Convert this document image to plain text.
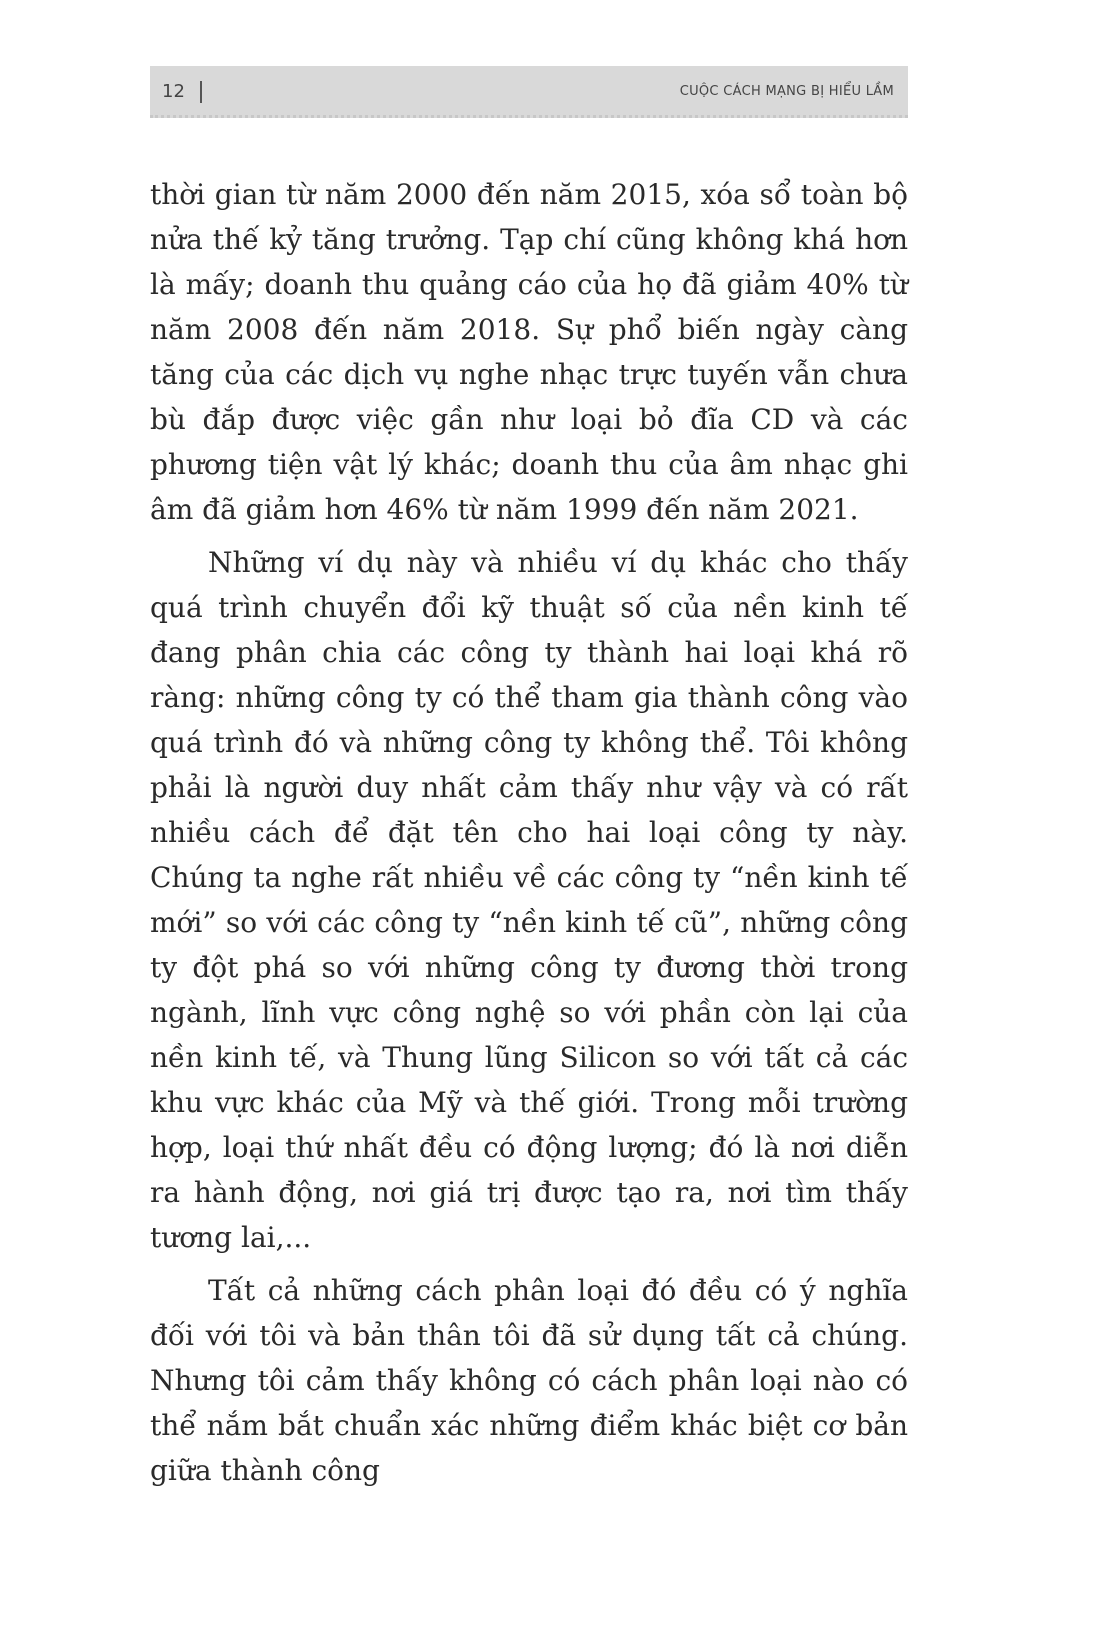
12	CUỘC CÁCH MẠNG BỊ HIỂU LẦM

thời gian từ năm 2000 đến năm 2015, xóa sổ toàn bộ nửa thế kỷ tăng trưởng. Tạp chí cũng không khá hơn là mấy; doanh thu quảng cáo của họ đã giảm 40% từ năm 2008 đến năm 2018. Sự phổ biến ngày càng tăng của các dịch vụ nghe nhạc trực tuyến vẫn chưa bù đắp được việc gần như loại bỏ đĩa CD và các phương tiện vật lý khác; doanh thu của âm nhạc ghi âm đã giảm hơn 46% từ năm 1999 đến năm 2021.

Những ví dụ này và nhiều ví dụ khác cho thấy quá trình chuyển đổi kỹ thuật số của nền kinh tế đang phân chia các công ty thành hai loại khá rõ ràng: những công ty có thể tham gia thành công vào quá trình đó và những công ty không thể. Tôi không phải là người duy nhất cảm thấy như vậy và có rất nhiều cách để đặt tên cho hai loại công ty này. Chúng ta nghe rất nhiều về các công ty “nền kinh tế mới” so với các công ty “nền kinh tế cũ”, những công ty đột phá so với những công ty đương thời trong ngành, lĩnh vực công nghệ so với phần còn lại của nền kinh tế, và Thung lũng Silicon so với tất cả các khu vực khác của Mỹ và thế giới. Trong mỗi trường hợp, loại thứ nhất đều có động lượng; đó là nơi diễn ra hành động, nơi giá trị được tạo ra, nơi tìm thấy tương lai,...

Tất cả những cách phân loại đó đều có ý nghĩa đối với tôi và bản thân tôi đã sử dụng tất cả chúng. Nhưng tôi cảm thấy không có cách phân loại nào có thể nắm bắt chuẩn xác những điểm khác biệt cơ bản giữa thành công
